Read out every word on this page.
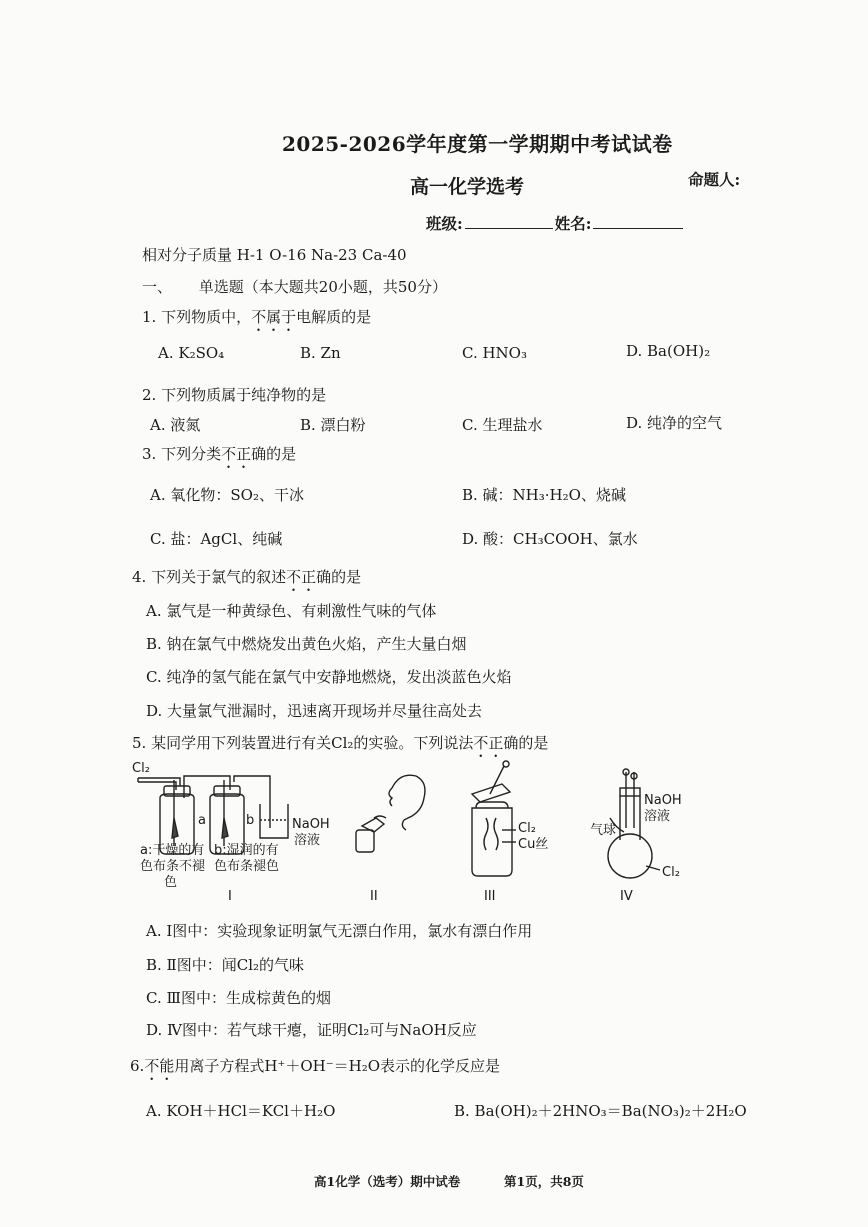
2025-2026学年度第一学期期中考试试卷
高一化学选考	命题人:
班级:	姓名:
相对分子质量 H-1 O-16 Na-23 Ca-40
一、 单选题（本大题共20小题，共50分）
1. 下列物质中，不属于电解质的是
A. K₂SO₄	B. Zn	C. HNO₃	D. Ba(OH)₂
2. 下列物质属于纯净物的是
A. 液氮	B. 漂白粉	C. 生理盐水	D. 纯净的空气
3. 下列分类不正确的是
A. 氧化物：SO₂、干冰	B. 碱：NH₃·H₂O、烧碱
C. 盐：AgCl、纯碱	D. 酸：CH₃COOH、氯水
4. 下列关于氯气的叙述不正确的是
A. 氯气是一种黄绿色、有刺激性气味的气体
B. 钠在氯气中燃烧发出黄色火焰，产生大量白烟
C. 纯净的氢气能在氯气中安静地燃烧，发出淡蓝色火焰
D. 大量氯气泄漏时，迅速离开现场并尽量往高处去
5. 某同学用下列装置进行有关Cl₂的实验。下列说法不正确的是
Cl₂
a	b	NaOH
溶液
a:干燥的有
色布条不褪
色
b:湿润的有
色布条褪色
Cl₂
Cu丝
气球
NaOH
溶液
Cl₂
I	II	III	IV
A. Ⅰ图中：实验现象证明氯气无漂白作用，氯水有漂白作用
B. Ⅱ图中：闻Cl₂的气味
C. Ⅲ图中：生成棕黄色的烟
D. Ⅳ图中：若气球干瘪，证明Cl₂可与NaOH反应
6.不能用离子方程式H⁺＋OH⁻＝H₂O表示的化学反应是
A. KOH＋HCl＝KCl＋H₂O	B. Ba(OH)₂＋2HNO₃＝Ba(NO₃)₂＋2H₂O
高1化学（选考）期中试卷	第1页，共8页
